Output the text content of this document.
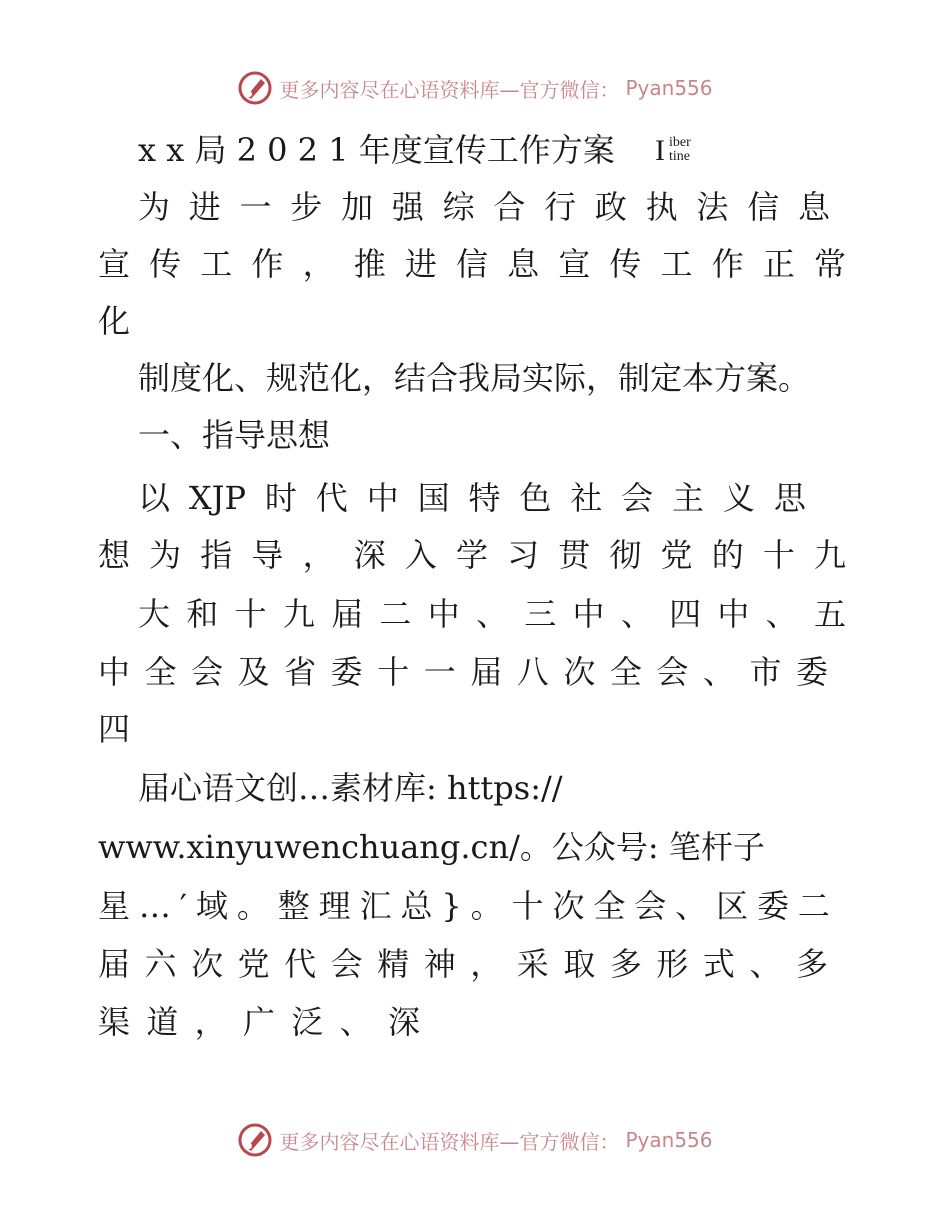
更多内容尽在心语资料库—官方微信： Pyan556
x x 局 2 0 2 1 年度宣传工作方案 I iber
tine
为 进 一 步 加 强 综 合 行 政 执 法 信 息
宣 传 工 作 ， 推 进 信 息 宣 传 工 作 正 常
化
制度化、规范化，结合我局实际，制定本方案。
一、指导思想
以 XJP 时 代 中 国 特 色 社 会 主 义 思
想 为 指 导 ， 深 入 学 习 贯 彻 党 的 十 九
大 和 十 九 届 二 中 、 三 中 、 四 中 、 五
中 全 会 及 省 委 十 一 届 八 次 全 会 、 市 委
四
届心语文创…素材库: https://
www.xinyuwenchuang.cn/。公众号: 笔杆子
星 … ′ 域 。 整 理 汇 总 } 。 十 次 全 会 、 区 委 二
届 六 次 党 代 会 精 神 ， 采 取 多 形 式 、 多
渠 道 ， 广 泛 、 深
更多内容尽在心语资料库—官方微信： Pyan556
